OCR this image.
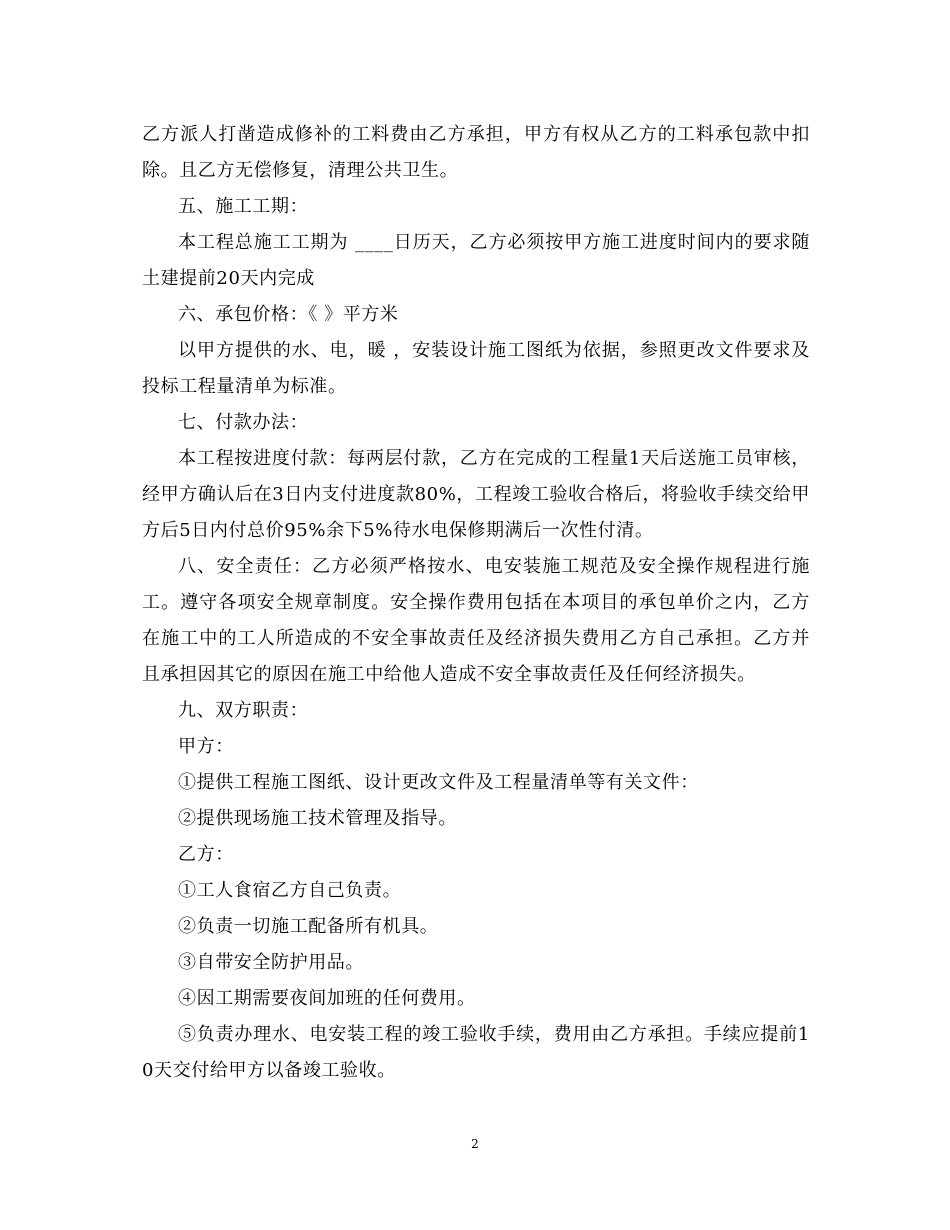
乙方派人打凿造成修补的工料费由乙方承担，甲方有权从乙方的工料承包款中扣除。且乙方无偿修复，清理公共卫生。

五、施工工期：

本工程总施工工期为 ____日历天，乙方必须按甲方施工进度时间内的要求随土建提前20天内完成

六、承包价格：《 》平方米

以甲方提供的水、电，暖 ，安装设计施工图纸为依据，参照更改文件要求及投标工程量清单为标准。

七、付款办法：

本工程按进度付款：每两层付款，乙方在完成的工程量1天后送施工员审核，经甲方确认后在3日内支付进度款80%，工程竣工验收合格后，将验收手续交给甲方后5日内付总价95%余下5%待水电保修期满后一次性付清。

八、安全责任：乙方必须严格按水、电安装施工规范及安全操作规程进行施工。遵守各项安全规章制度。安全操作费用包括在本项目的承包单价之内，乙方在施工中的工人所造成的不安全事故责任及经济损失费用乙方自己承担。乙方并且承担因其它的原因在施工中给他人造成不安全事故责任及任何经济损失。

九、双方职责：

甲方：

①提供工程施工图纸、设计更改文件及工程量清单等有关文件：

②提供现场施工技术管理及指导。

乙方：

①工人食宿乙方自己负责。

②负责一切施工配备所有机具。

③自带安全防护用品。

④因工期需要夜间加班的任何费用。

⑤负责办理水、电安装工程的竣工验收手续，费用由乙方承担。手续应提前10天交付给甲方以备竣工验收。

2
